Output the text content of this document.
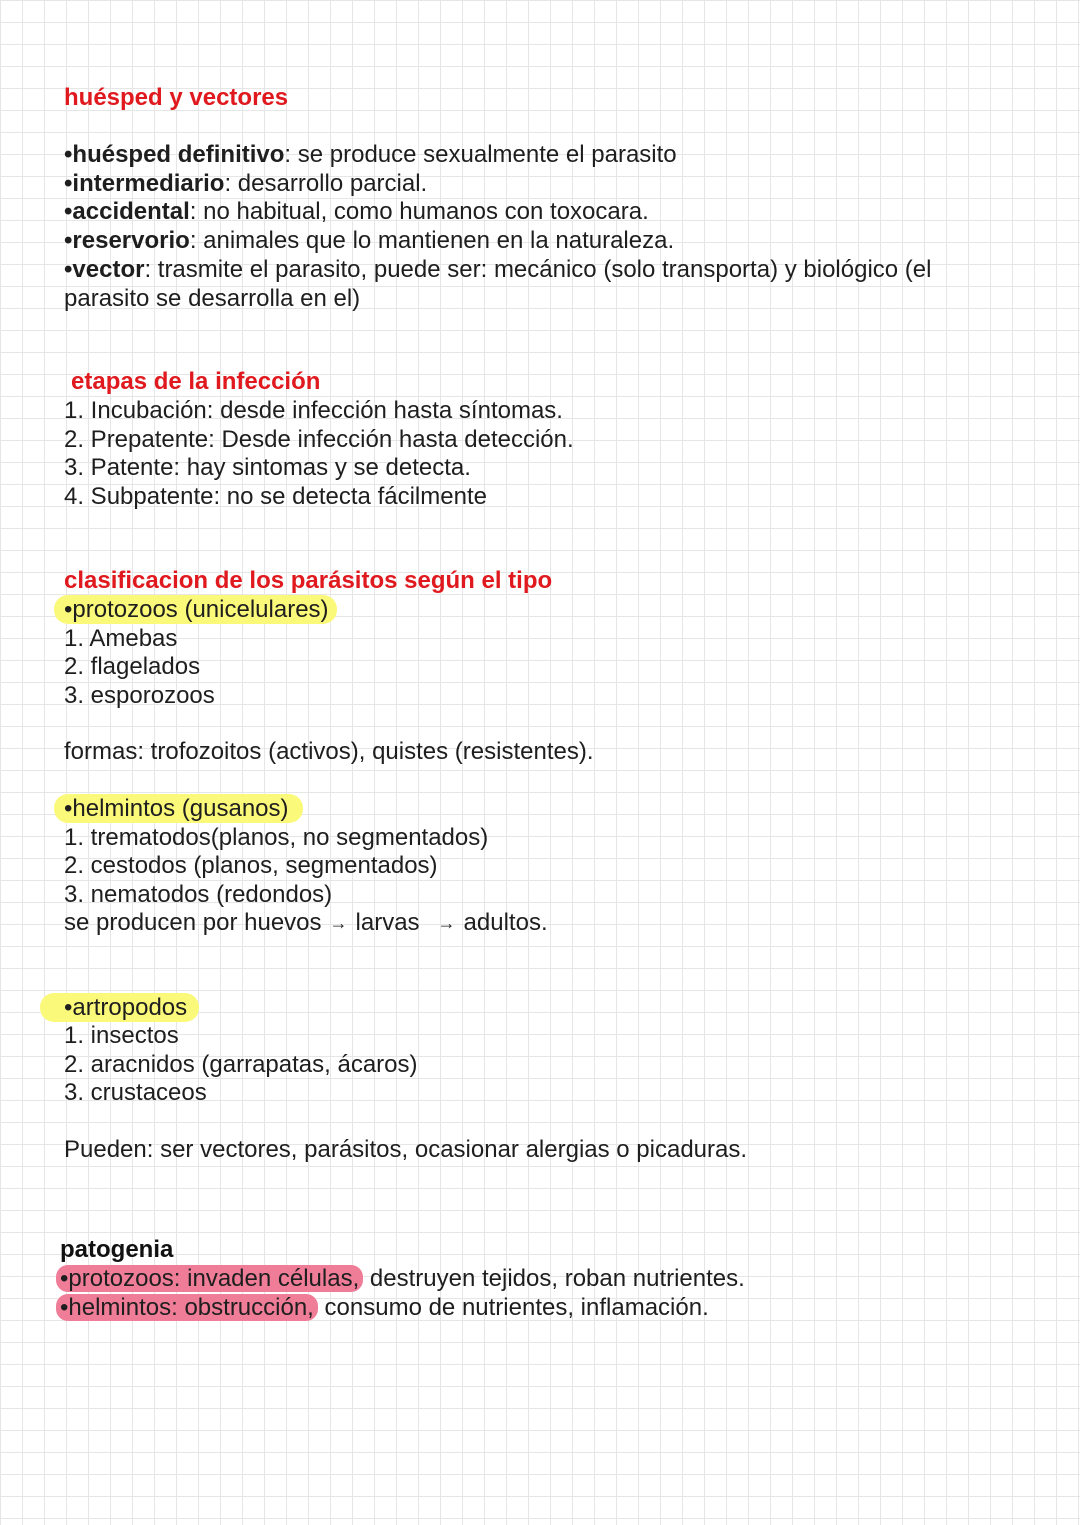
huésped y vectores
•huésped definitivo: se produce sexualmente el parasito
•intermediario: desarrollo parcial.
•accidental: no habitual, como humanos con toxocara.
•reservorio: animales que lo mantienen en la naturaleza.
•vector: trasmite el parasito, puede ser: mecánico (solo transporta) y biológico (el
parasito se desarrolla en el)
etapas de la infección
1. Incubación: desde infección hasta síntomas.
2. Prepatente: Desde infección hasta detección.
3. Patente: hay sintomas y se detecta.
4. Subpatente: no se detecta fácilmente
clasificacion de los parásitos según el tipo
•protozoos (unicelulares)
1. Amebas
2. flagelados
3. esporozoos
formas: trofozoitos (activos), quistes (resistentes).
•helmintos (gusanos)
1. trematodos(planos, no segmentados)
2. cestodos (planos, segmentados)
3. nematodos (redondos)
se producen por huevos → larvas → adultos.
•artropodos
1. insectos
2. aracnidos (garrapatas, ácaros)
3. crustaceos
Pueden: ser vectores, parásitos, ocasionar alergias o picaduras.
patogenia
•protozoos: invaden células, destruyen tejidos, roban nutrientes.
•helmintos: obstrucción, consumo de nutrientes, inflamación.
